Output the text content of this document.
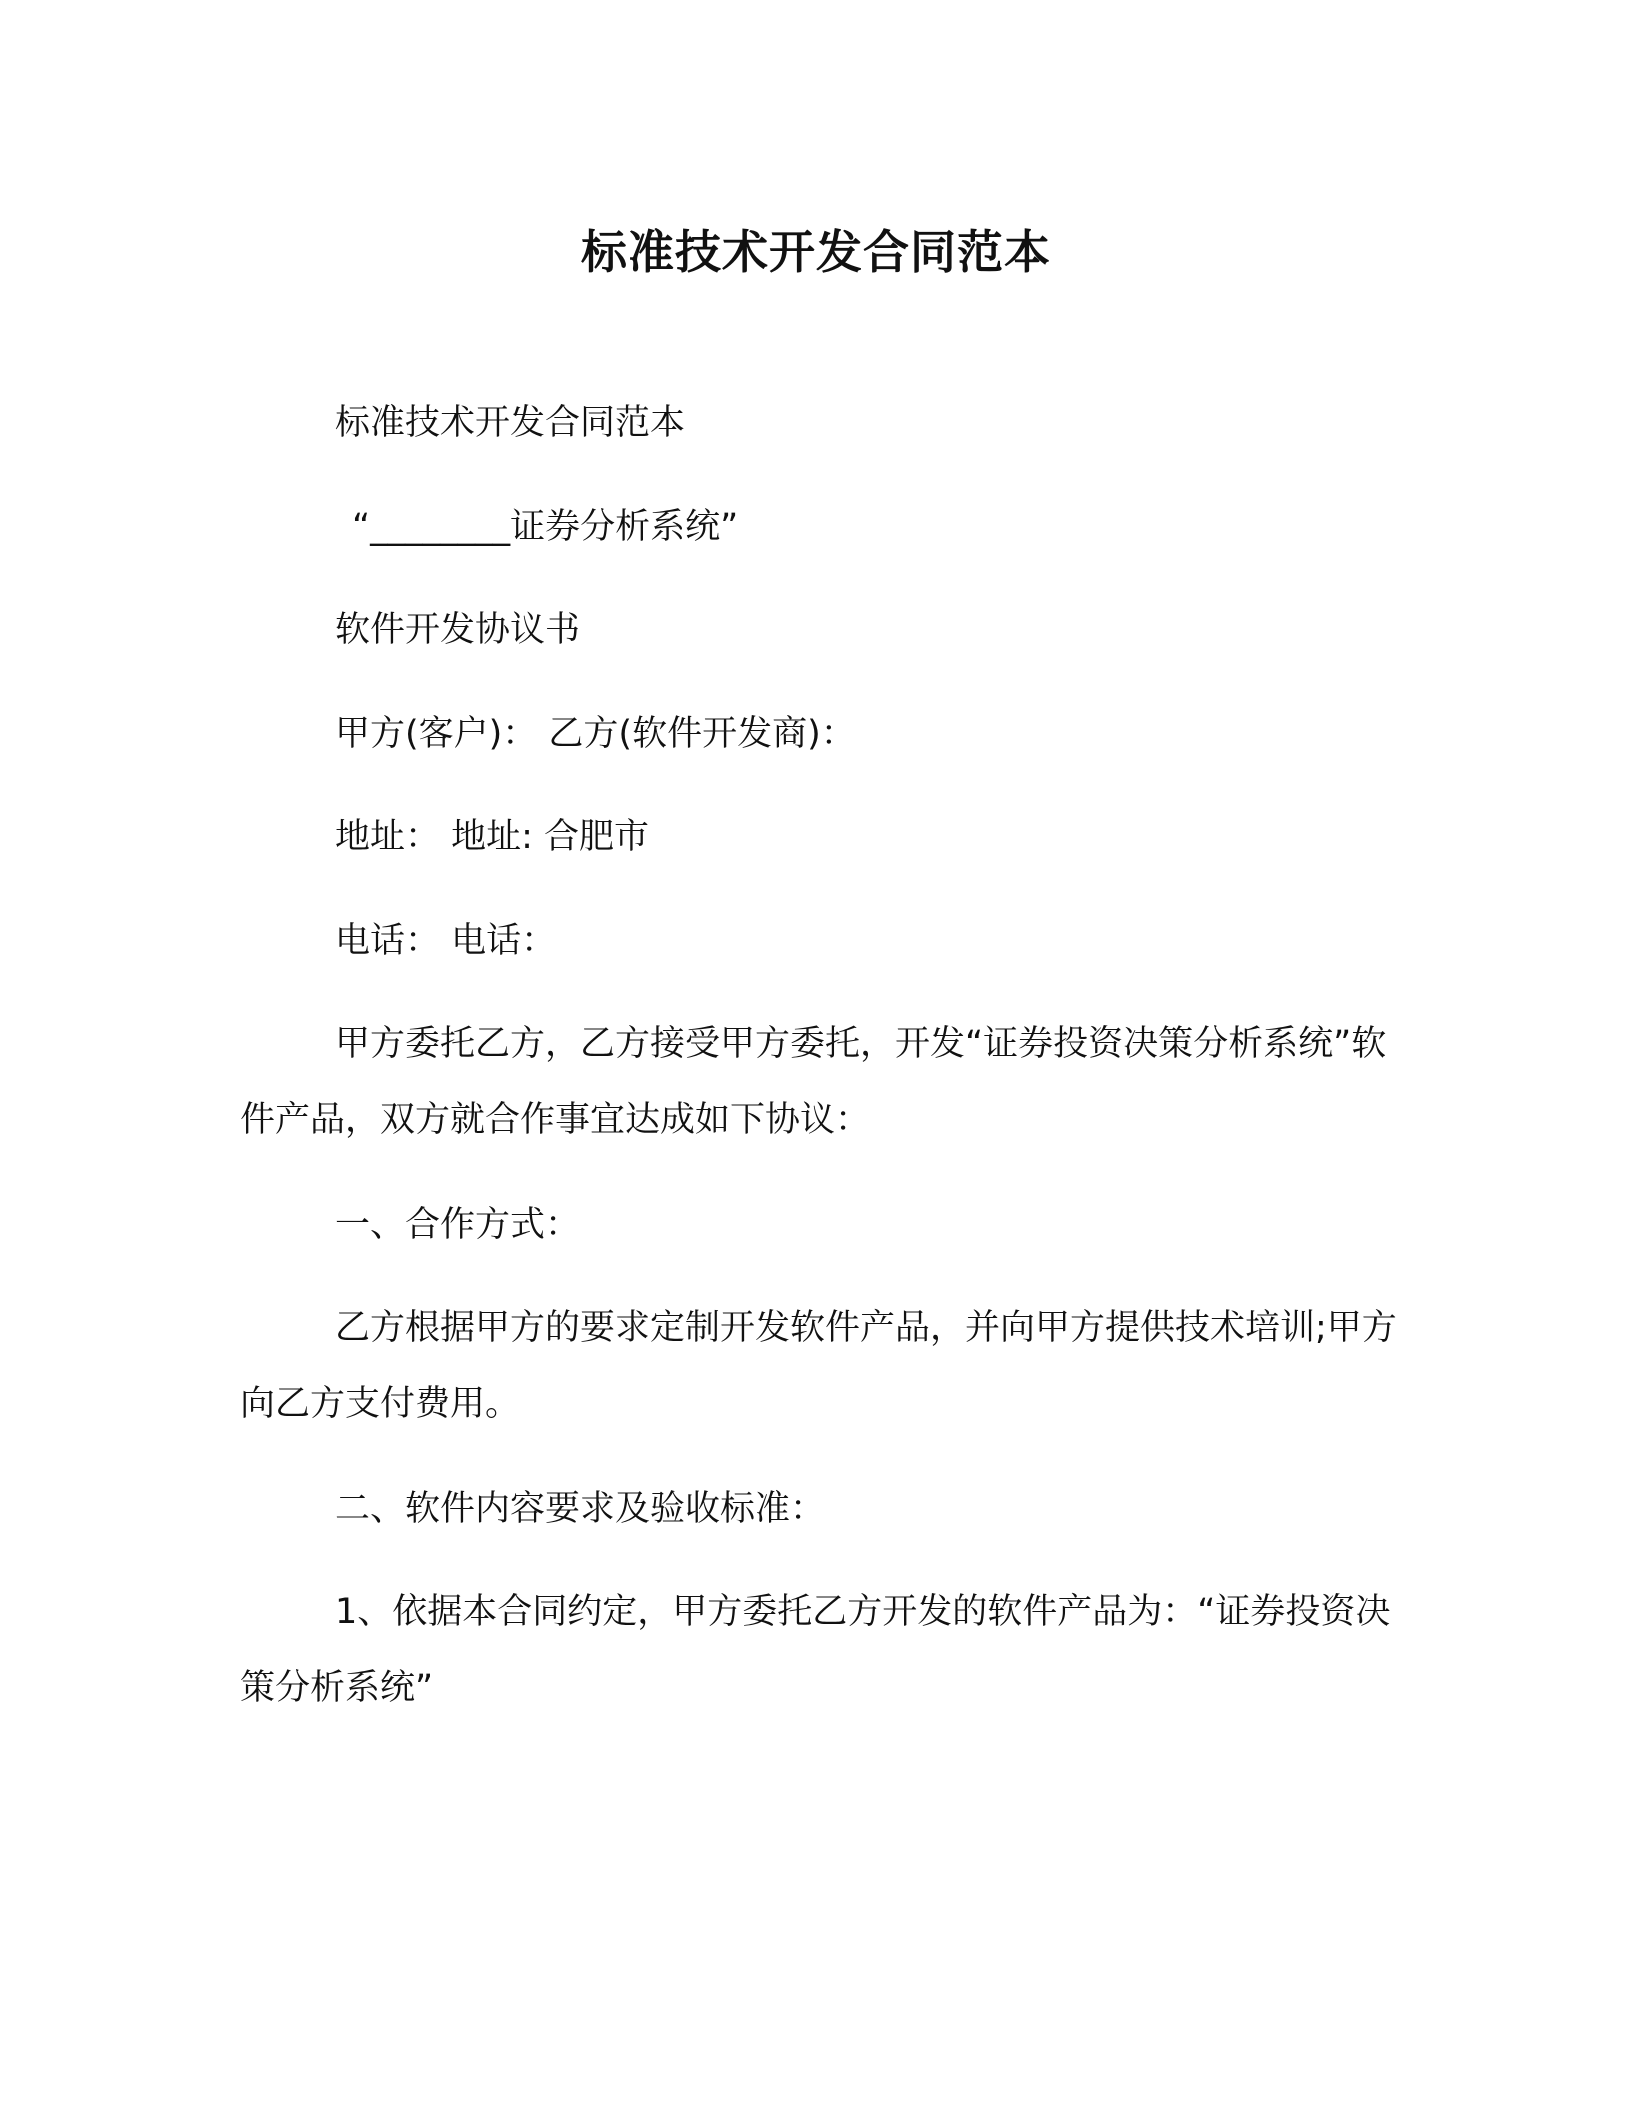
标准技术开发合同范本
标准技术开发合同范本
“________证券分析系统”
软件开发协议书
甲方(客户)： 乙方(软件开发商)：
地址： 地址: 合肥市
电话： 电话：
甲方委托乙方，乙方接受甲方委托，开发“证券投资决策分析系统”软件产品，双方就合作事宜达成如下协议：
一、合作方式：
乙方根据甲方的要求定制开发软件产品，并向甲方提供技术培训;甲方向乙方支付费用。
二、软件内容要求及验收标准：
1、依据本合同约定，甲方委托乙方开发的软件产品为：“证券投资决策分析系统”
